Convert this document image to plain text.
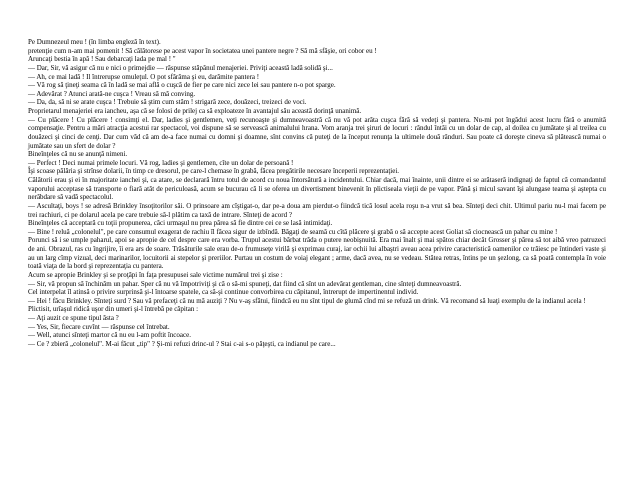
Pe Dumnezeul meu ! (în limba engleză în text).

pretenţie cum n-am mai pomenit ! Să călătorese pe acest vapor în societatea unei pantere negre ? Să mă sfâşie, ori cobor eu !

Aruncaţi bestia în apă ! Sau debarcaţi lada pe mal ! "

— Dar, Sir, vă asigur că nu e nici o primejdie — răspunse stăpânul menajeriei. Priviţi această ladă solidă şi...

— Ah, ce mai ladă ! Il întrerupse omuleţul. O pot sfărâma şi eu, darămite pantera !

— Vă rog să ţineţi seama că în ladă se mai află o cuşcă de fier pe care nici zece lei sau pantere n-o pot sparge.

— Adevărat ? Atunci arată-ne cuşca ! Vreau să mă conving.

— Da, da, să ni se arate cuşca ! Trebuie să ştim cum stăm ! strigară zece, douăzeci, treizeci de voci.

Proprietarul menajeriei era iancheu, aşa că se folosi de prilej ca să exploateze în avantajul său această dorinţă unanimă.

— Cu plăcere ! Cu plăcere ! consimţi el. Dar, ladies şi gentlemen, veţi recunoaşte şi dumneavoastră că nu vă pot arăta cuşca fără să vedeţi şi pantera. Nu-mi pot îngădui acest lucru fără o anumită compensaţie. Pentru a mări atracţia acestui rar spectacol, voi dispune să se servească animalului hrana. Vom aranja trei şiruri de locuri : rândul întâi cu un dolar de cap, al doilea cu jumătate şi al treilea cu douăzeci şi cinci de cenţi. Dar cum văd că am de-a face numai cu domni şi doamne, sînt convins că puteţi de la început renunţa la ultimele două rânduri. Sau poate că doreşte cineva să plătească numai o jumătate sau un sfert de dolar ?

Bineînţeles că nu se anunţă nimeni.

— Perfect ! Deci numai primele locuri. Vă rog, ladies şi gentlemen, cîte un dolar de persoană !

Îşi scoase pălăria şi strînse dolarii, în timp ce dresorul, pe care-l chemase în grabă, făcea pregătirile necesare începerii reprezentaţiei.

Călătorii erau şi ei în majoritate ianchei şi, ca atare, se declarară întru totul de acord cu noua întorsătură a incidentului. Chiar dacă, mai înainte, unii dintre ei se arătaseră indignaţi de faptul că comandantul vaporului acceptase să transporte o fiară atât de periculoasă, acum se bucurau că li se oferea un divertisment binevenit în plictiseala vieţii de pe vapor. Până şi micul savant îşi alungase teama şi aştepta cu nerăbdare să vadă spectacolul.

— Ascultaţi, boys ! se adresă Brinkley însoţitorilor săi. O prinsoare am cîştigat-o, dar pe-a doua am pierdut-o fiindcă tică losul acela roşu n-a vrut să bea. Sînteţi deci chit. Ultimul pariu nu-l mai facem pe trei rachiuri, ci pe dolarul acela pe care trebuie să-l plătim ca taxă de intrare. Sînteţi de acord ?

Bineînţeles că acceptară cu toţii propunerea, căci urmaşul nu prea părea să fie dintre cei ce se lasă intimidaţi.

— Bine ! reluă „colonelul", pe care consumul exagerat de rachiu îl făcea sigur de izbîndă. Băgaţi de seamă cu cîtă plăcere şi grabă o să accepte acest Goliat să ciocnească un pahar cu mine !

Porunci să i se umple paharul, apoi se apropie de cel despre care era vorba. Trupul acestui bărbat trăda o putere neobişnuită. Era mai înalt şi mai spătos chiar decât Grosser şi părea să tot aibă vreo patruzeci de ani. Obrazul, ras cu îngrijire, îi era ars de soare. Trăsăturile sale erau de-o frumuseţe virilă şi exprimau curaj, iar ochii lui albaştri aveau acea privire caracteristică oamenilor ce trăiesc pe întinderi vaste şi au un larg cîmp vizual, deci marinarilor, locuitorii ai stepelor şi preriilor. Purtau un costum de voiaj elegant ; arme, dacă avea, nu se vedeau. Stătea retras, întins pe un şezlong, ca să poată contempla în voie toată viaţa de la bord şi reprezentaţia cu pantera.

Acum se apropie Brinkley şi se proţăpi în faţa presupusei sale victime numărul trei şi zise :

— Sir, vă propun să închinăm un pahar. Sper că nu vă împotriviţi şi că o să-mi spuneţi, dat fiind că sînt un adevărat gentleman, cine sînteţi dumneavoastră.

Cel interpelat îl atinsă o privire surprinsă şi-l întoarse spatele, ca să-şi continue convorbirea cu căpitanul, întrerupt de impertinentul individ.

— Hei ! făcu Brinkley. Sînteţi surd ? Sau vă prefaceţi că nu mă auziţi ? Nu v-aş sfătui, fiindcă eu nu sînt tipul de glumă cînd mi se refuză un drink. Vă recomand să luaţi exemplu de la indianul acela !

Plictisit, urîaşul ridică uşor din umeri şi-l întrebă pe căpitan :

— Aţi auzit ce spune tipul ăsta ?

— Yes, Sir, fiecare cuvînt — răspunse cel întrebat.

— Well, atunci sînteţi martor că nu eu l-am poftit încoace.

— Ce ? zbieră „colonelul". M-ai făcut „tip" ? Şi-mi refuzi drinc-ul ? Stai c-ai s-o păţeşti, ca indianul pe care...
